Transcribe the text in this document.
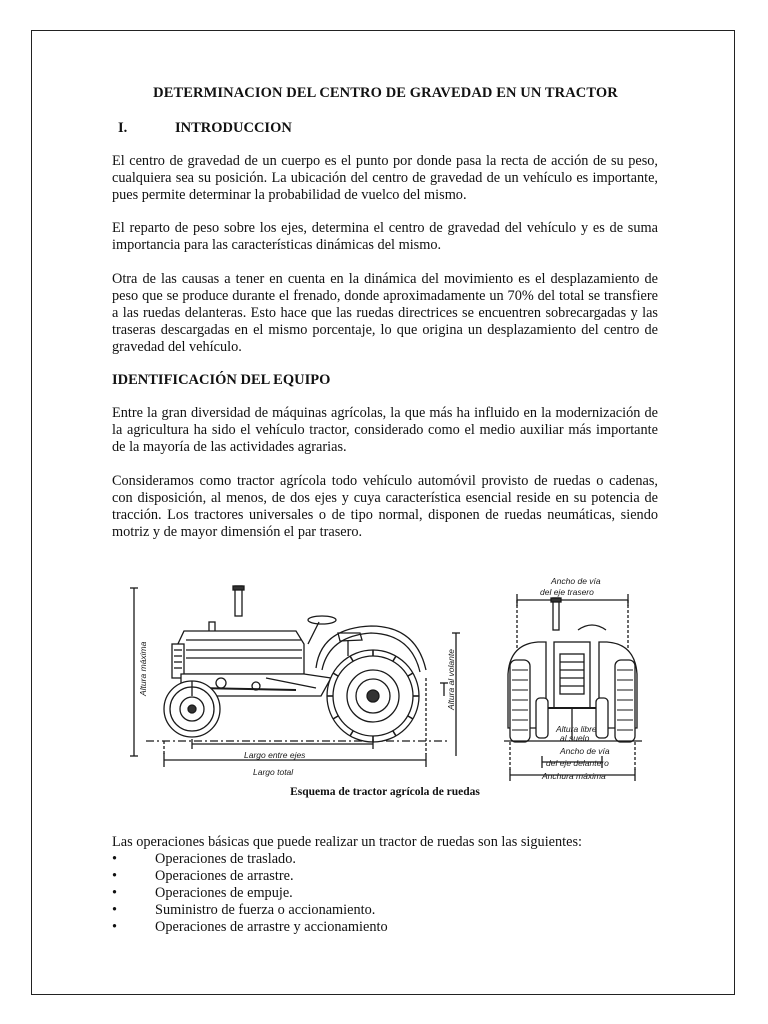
DETERMINACION DEL CENTRO DE GRAVEDAD EN UN TRACTOR
I.	INTRODUCCION
El centro de gravedad de un cuerpo es el punto por donde pasa la recta de acción de su peso, cualquiera sea su posición. La ubicación del centro de gravedad de un vehículo es importante, pues permite determinar la probabilidad de vuelco del mismo.
El reparto de peso sobre los ejes, determina el centro de gravedad del vehículo y es de suma importancia para las características dinámicas del mismo.
Otra de las causas a tener en cuenta en la dinámica del movimiento es el desplazamiento de peso que se produce durante el frenado, donde aproximadamente un 70% del total se transfiere a las ruedas delanteras. Esto hace que las ruedas directrices se encuentren sobrecargadas y las traseras descargadas en el mismo porcentaje, lo que origina un desplazamiento del centro de gravedad del vehículo.
IDENTIFICACIÓN DEL EQUIPO
Entre la gran diversidad de máquinas agrícolas, la que más ha influido en la modernización de la agricultura ha sido el vehículo tractor, considerado como el medio auxiliar más importante de la mayoría de las actividades agrarias.
Consideramos como tractor agrícola todo vehículo automóvil provisto de ruedas o cadenas, con disposición, al menos, de dos ejes y cuya característica esencial reside en su potencia de tracción. Los tractores universales o de tipo normal, disponen de ruedas neumáticas, siendo motriz y de mayor dimensión el par trasero.
Esquema de tractor agrícola de ruedas
Las operaciones básicas que puede realizar un tractor de ruedas son las siguientes:
•	Operaciones de traslado.
•	Operaciones de arrastre.
•	Operaciones de empuje.
•	Suministro de fuerza o accionamiento.
•	Operaciones de arrastre y accionamiento
Altura máxima	Altura al volante
Largo entre ejes
Largo total
Ancho de vía
del eje trasero
Altura libre
al suelo
Ancho de vía
del eje delantero
Anchura máxima
